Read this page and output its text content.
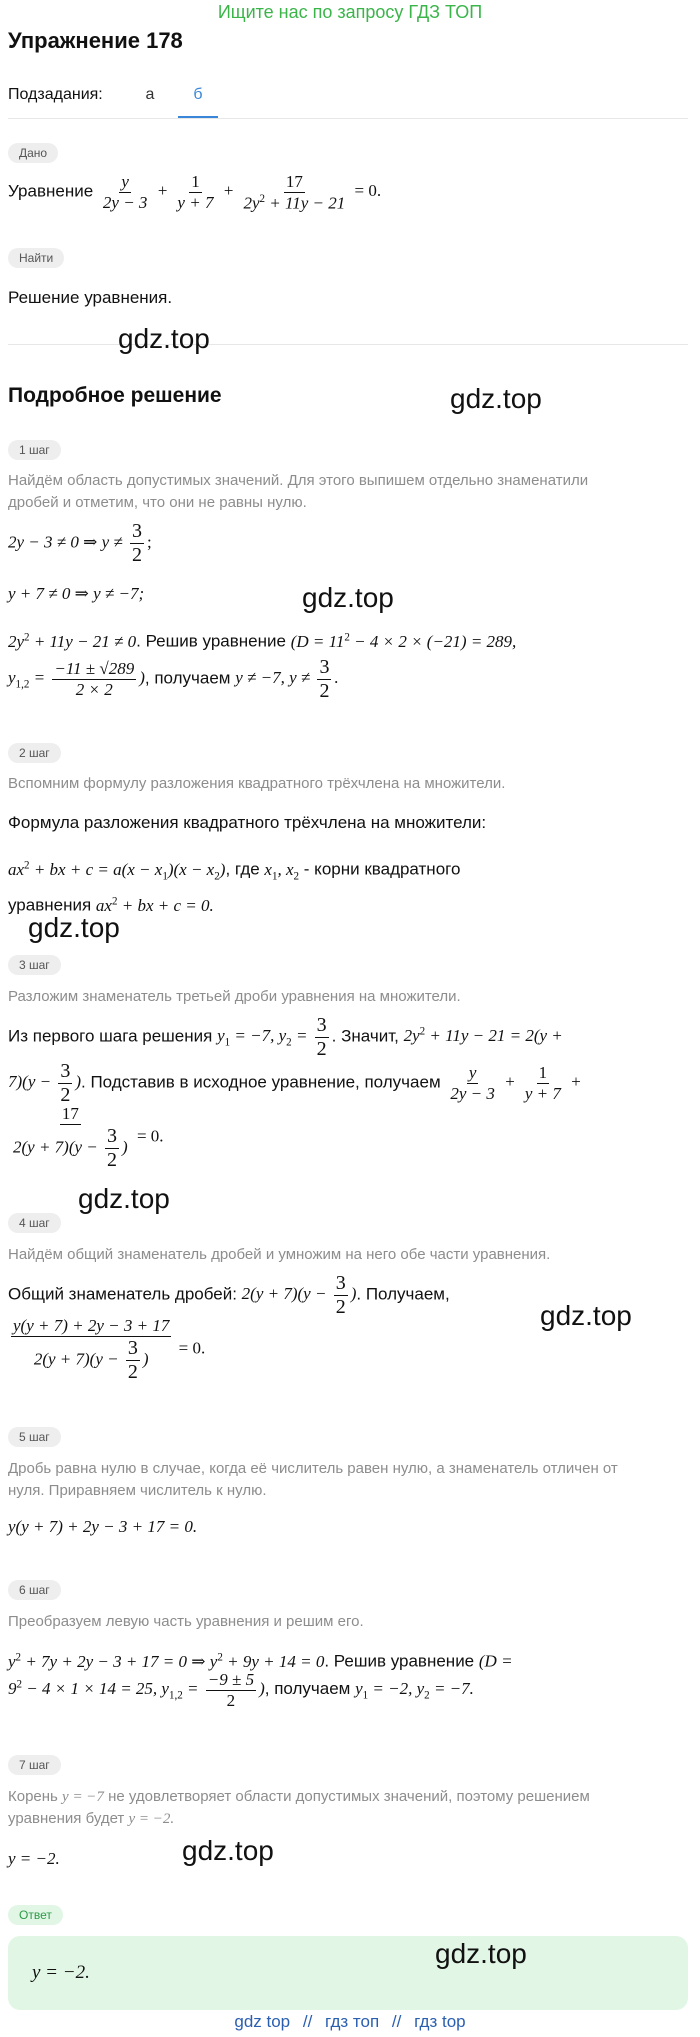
Ищите нас по запросу ГДЗ ТОП
Упражнение 178
Подзадания:	а	б
Дано
Уравнение $\frac{y}{2y - 3} + \frac{1}{y + 7} + \frac{17}{2y^2 + 11y - 21} = 0$.
Найти
Решение уравнения.
gdz.top
Подробное решение	gdz.top
1 шаг
Найдём область допустимых значений. Для этого выпишем отдельно знаменатили
дробей и отметим, что они не равны нулю.
2y − 3 ≠ 0 ⇒ $y \ne \frac{3}{2}$ ;
y + 7 ≠ 0 ⇒ y ≠ −7;	gdz.top
$2y^2 + 11y - 21 \ne 0$. Решив уравнение ($D = 11^2 - 4 \times 2 \times (-21) = 289$,
$y_{1,2} = \frac{-11 \pm √289}{2 \times 2}$ ), получаем y ≠ −7, $y \ne \frac{3}{2}$ .
2 шаг
Вспомним формулу разложения квадратного трёхчлена на множители.
Формула разложения квадратного трёхчлена на множители:
$ax^2$ + bx + $c = a(x - x_1)(x - x_2)$, где $x_1$, $x_2$ - корни квадратного
уравнения $ax^2$ + bx + c = 0.
gdz.top
3 шаг
Разложим знаменатель третьей дроби уравнения на множители.
Из первого шага решения $y_1 = -7$, $y_2 = \frac{3}{2}$ . Значит, $2y^2 + 11y - 21 = 2(y$ +
$7)(y - \frac{3}{2}$ ). Подставив в исходное уравнение, получаем $\frac{y}{2y - 3} + \frac{1}{y + 7}$ +
$\frac{17}{2(y + 7)(y - \frac{3}{2} )} = 0$.
gdz.top
4 шаг
Найдём общий знаменатель дробей и умножим на него обе части уравнения.
Общий знаменатель дробей: $2(y + 7)(y - \frac{3}{2}$ ). Получаем,
$\frac{y(y + 7) + 2y - 3 + 17}{2(y + 7)(y - \frac{3}{2} )} = 0$.
gdz.top
5 шаг
Дробь равна нулю в случае, когда её числитель равен нулю, а знаменатель отличен от
нуля. Приравняем числитель к нулю.
y(y + 7) + 2y − 3 + 17 = 0.
6 шаг
Преобразуем левую часть уравнения и решим его.
$y^2 + 7y + 2y - 3 + 17 = 0$ ⇒ $y^2 + 9y + 14 = 0$. Решив уравнение (D =
$9^2 - 4 \times 1 \times 14 = 25$, $y_{1,2} = \frac{-9 \pm 5}{2}$ ), получаем $y_1 = -2$, $y_2 = -7$.
7 шаг
Корень y = −7 не удовлетворяет области допустимых значений, поэтому решением
уравнения будет y = −2.
y = −2.	gdz.top
Ответ
y = −2.
gdz.top
gdz top // гдз топ // гдз top
